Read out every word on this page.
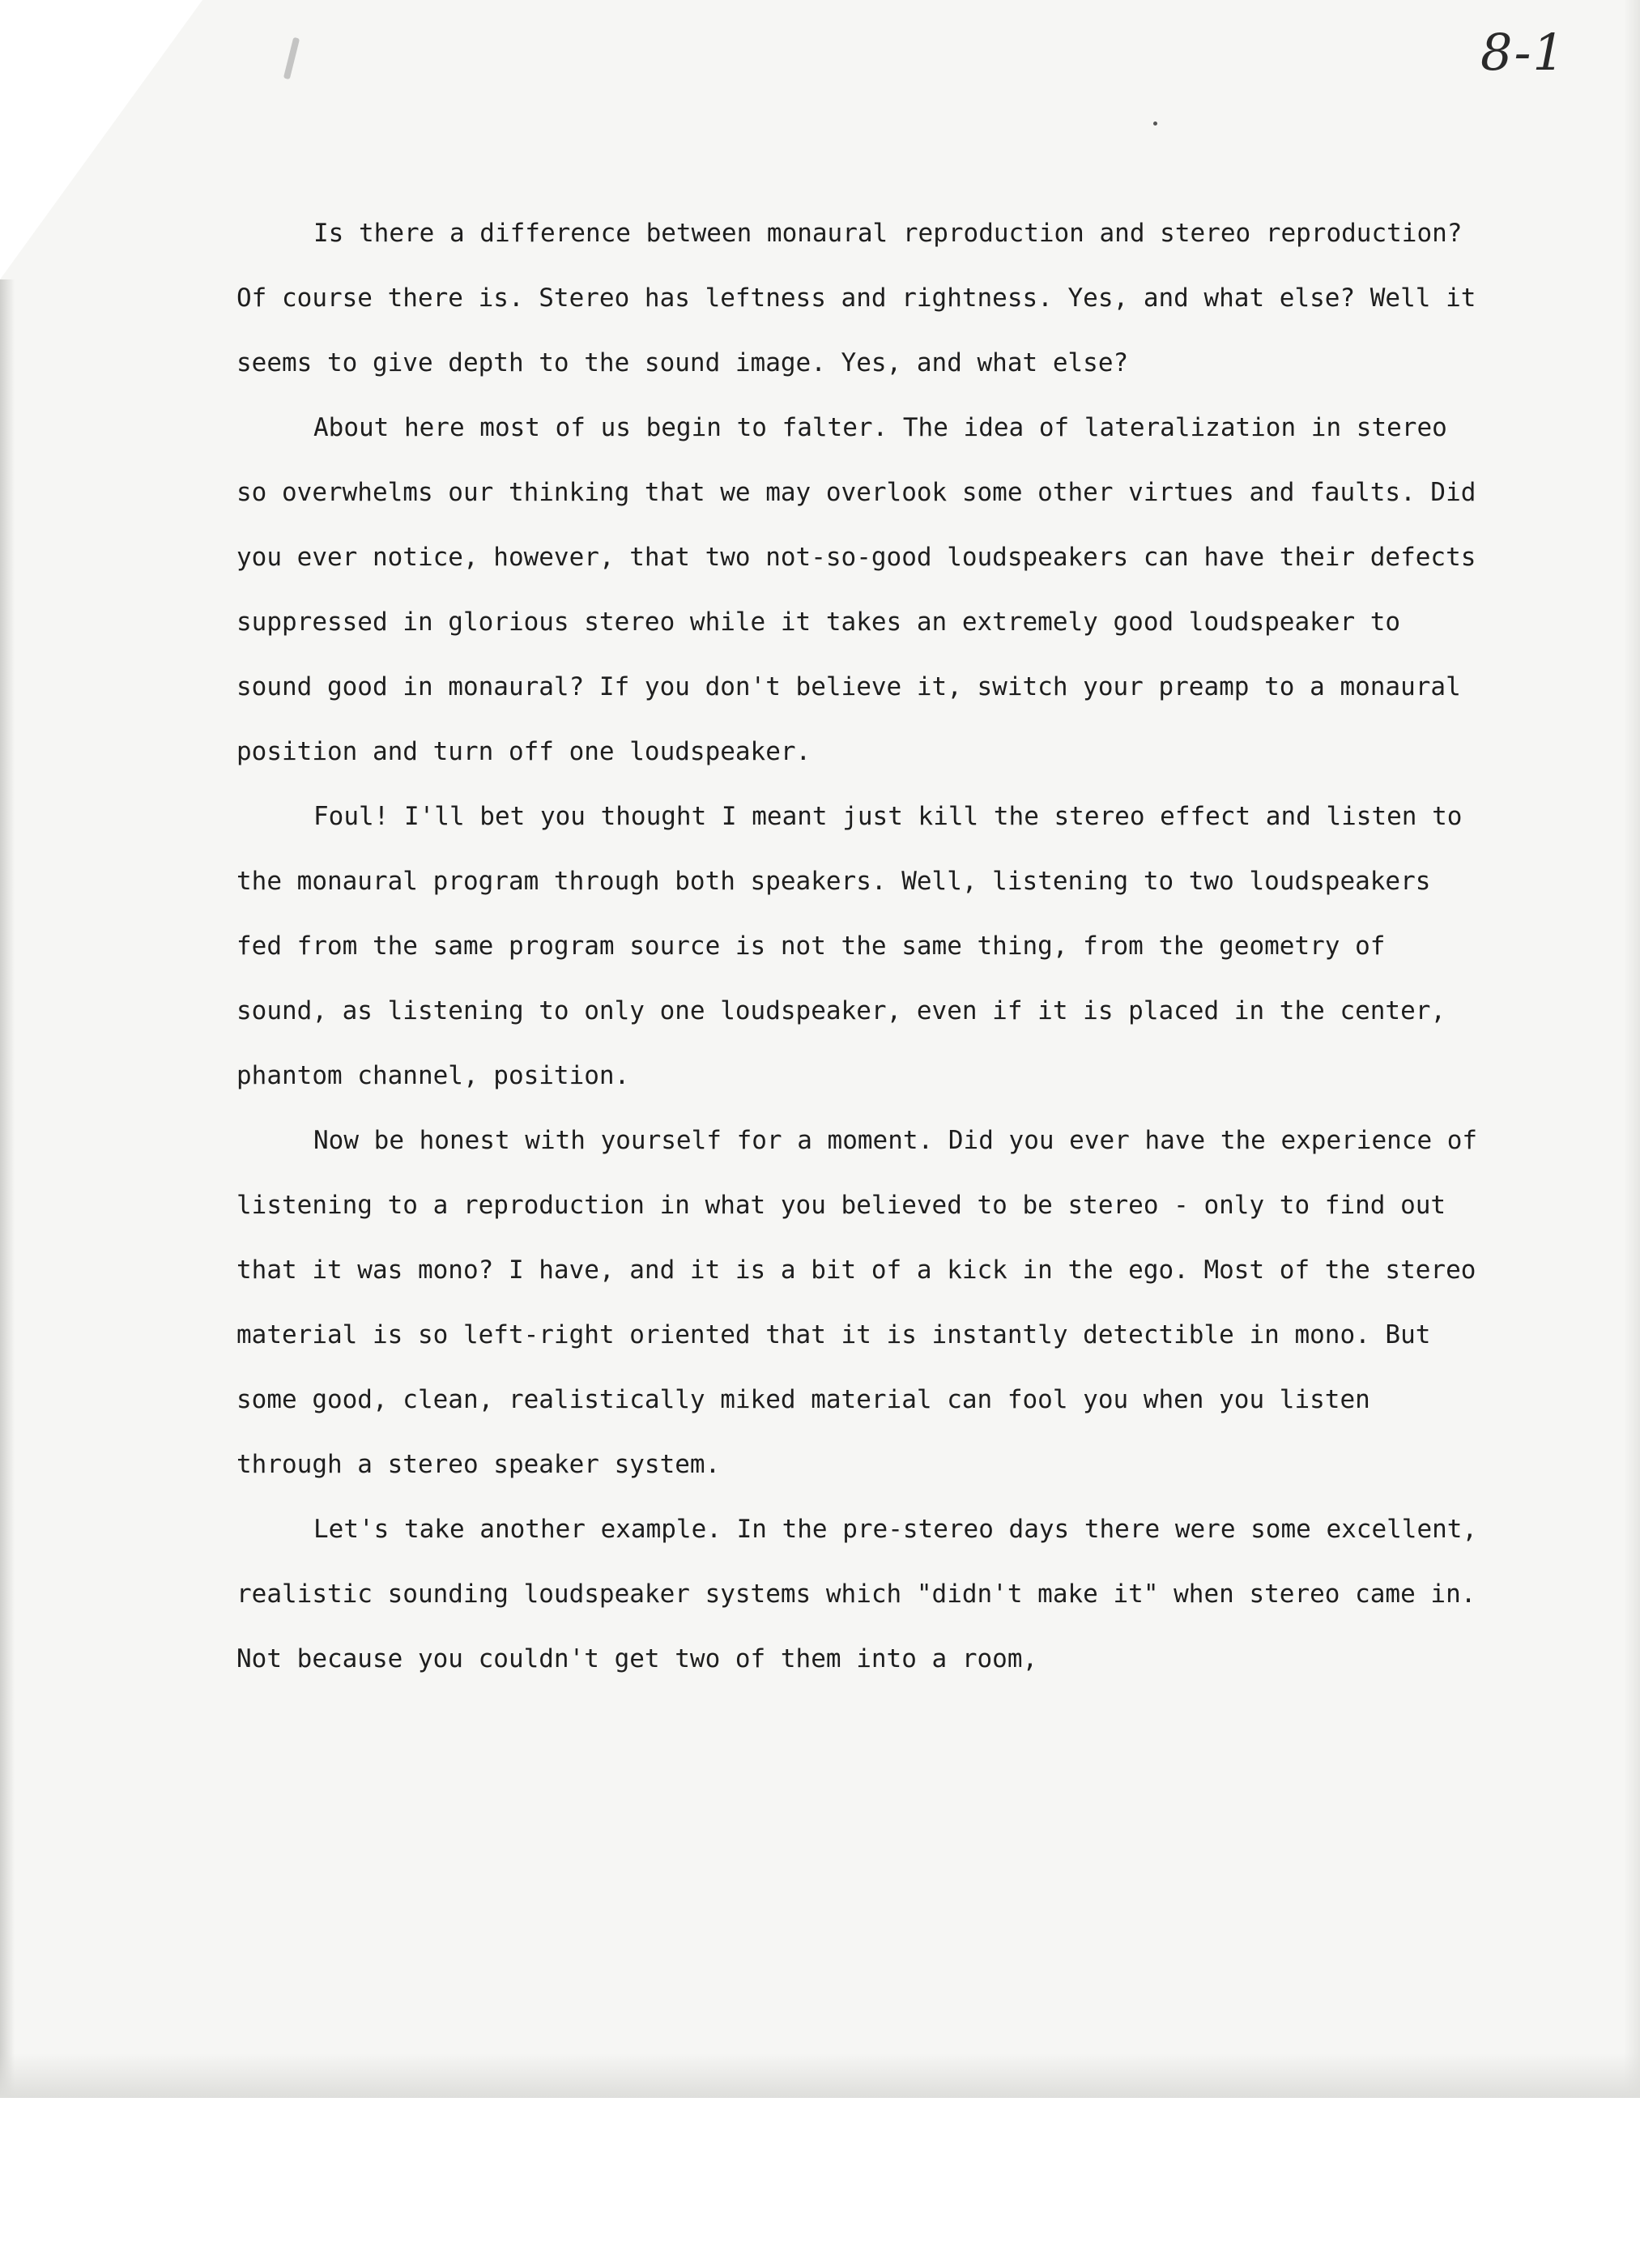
8-1

Is there a difference between monaural reproduction and stereo reproduction? Of course there is. Stereo has leftness and rightness. Yes, and what else? Well it seems to give depth to the sound image. Yes, and what else?

About here most of us begin to falter. The idea of lateralization in stereo so overwhelms our thinking that we may overlook some other virtues and faults. Did you ever notice, however, that two not-so-good loudspeakers can have their defects suppressed in glorious stereo while it takes an extremely good loudspeaker to sound good in monaural? If you don't believe it, switch your preamp to a monaural position and turn off one loudspeaker.

Foul! I'll bet you thought I meant just kill the stereo effect and listen to the monaural program through both speakers. Well, listening to two loudspeakers fed from the same program source is not the same thing, from the geometry of sound, as listening to only one loudspeaker, even if it is placed in the center, phantom channel, position.

Now be honest with yourself for a moment. Did you ever have the experience of listening to a reproduction in what you believed to be stereo - only to find out that it was mono? I have, and it is a bit of a kick in the ego. Most of the stereo material is so left-right oriented that it is instantly detectible in mono. But some good, clean, realistically miked material can fool you when you listen through a stereo speaker system.

Let's take another example. In the pre-stereo days there were some excellent, realistic sounding loudspeaker systems which "didn't make it" when stereo came in. Not because you couldn't get two of them into a room,
